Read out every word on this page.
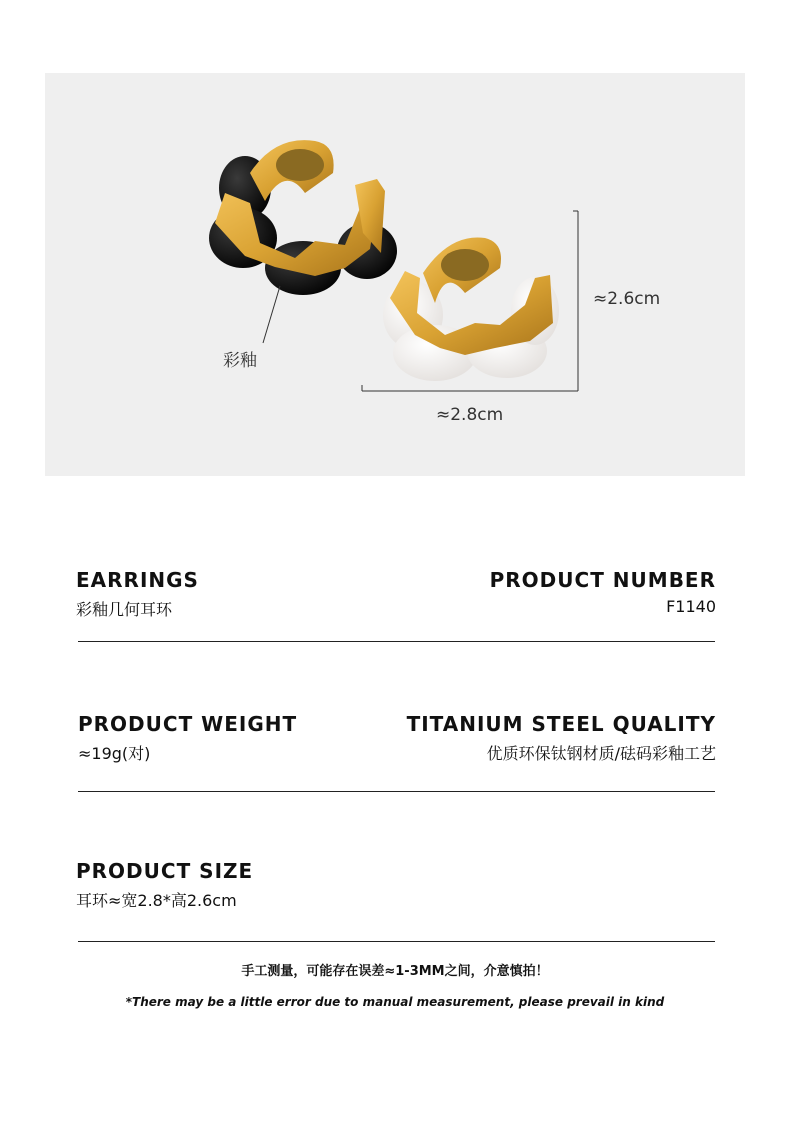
彩釉
≈2.6cm
≈2.8cm
EARRINGS
彩釉几何耳环
PRODUCT NUMBER
F1140
PRODUCT WEIGHT
≈19g(对)
TITANIUM STEEL QUALITY
优质环保钛钢材质/砝码彩釉工艺
PRODUCT SIZE
耳环≈宽2.8*高2.6cm
手工测量，可能存在误差≈1-3MM之间，介意慎拍！
*There may be a little error due to manual measurement, please prevail in kind
